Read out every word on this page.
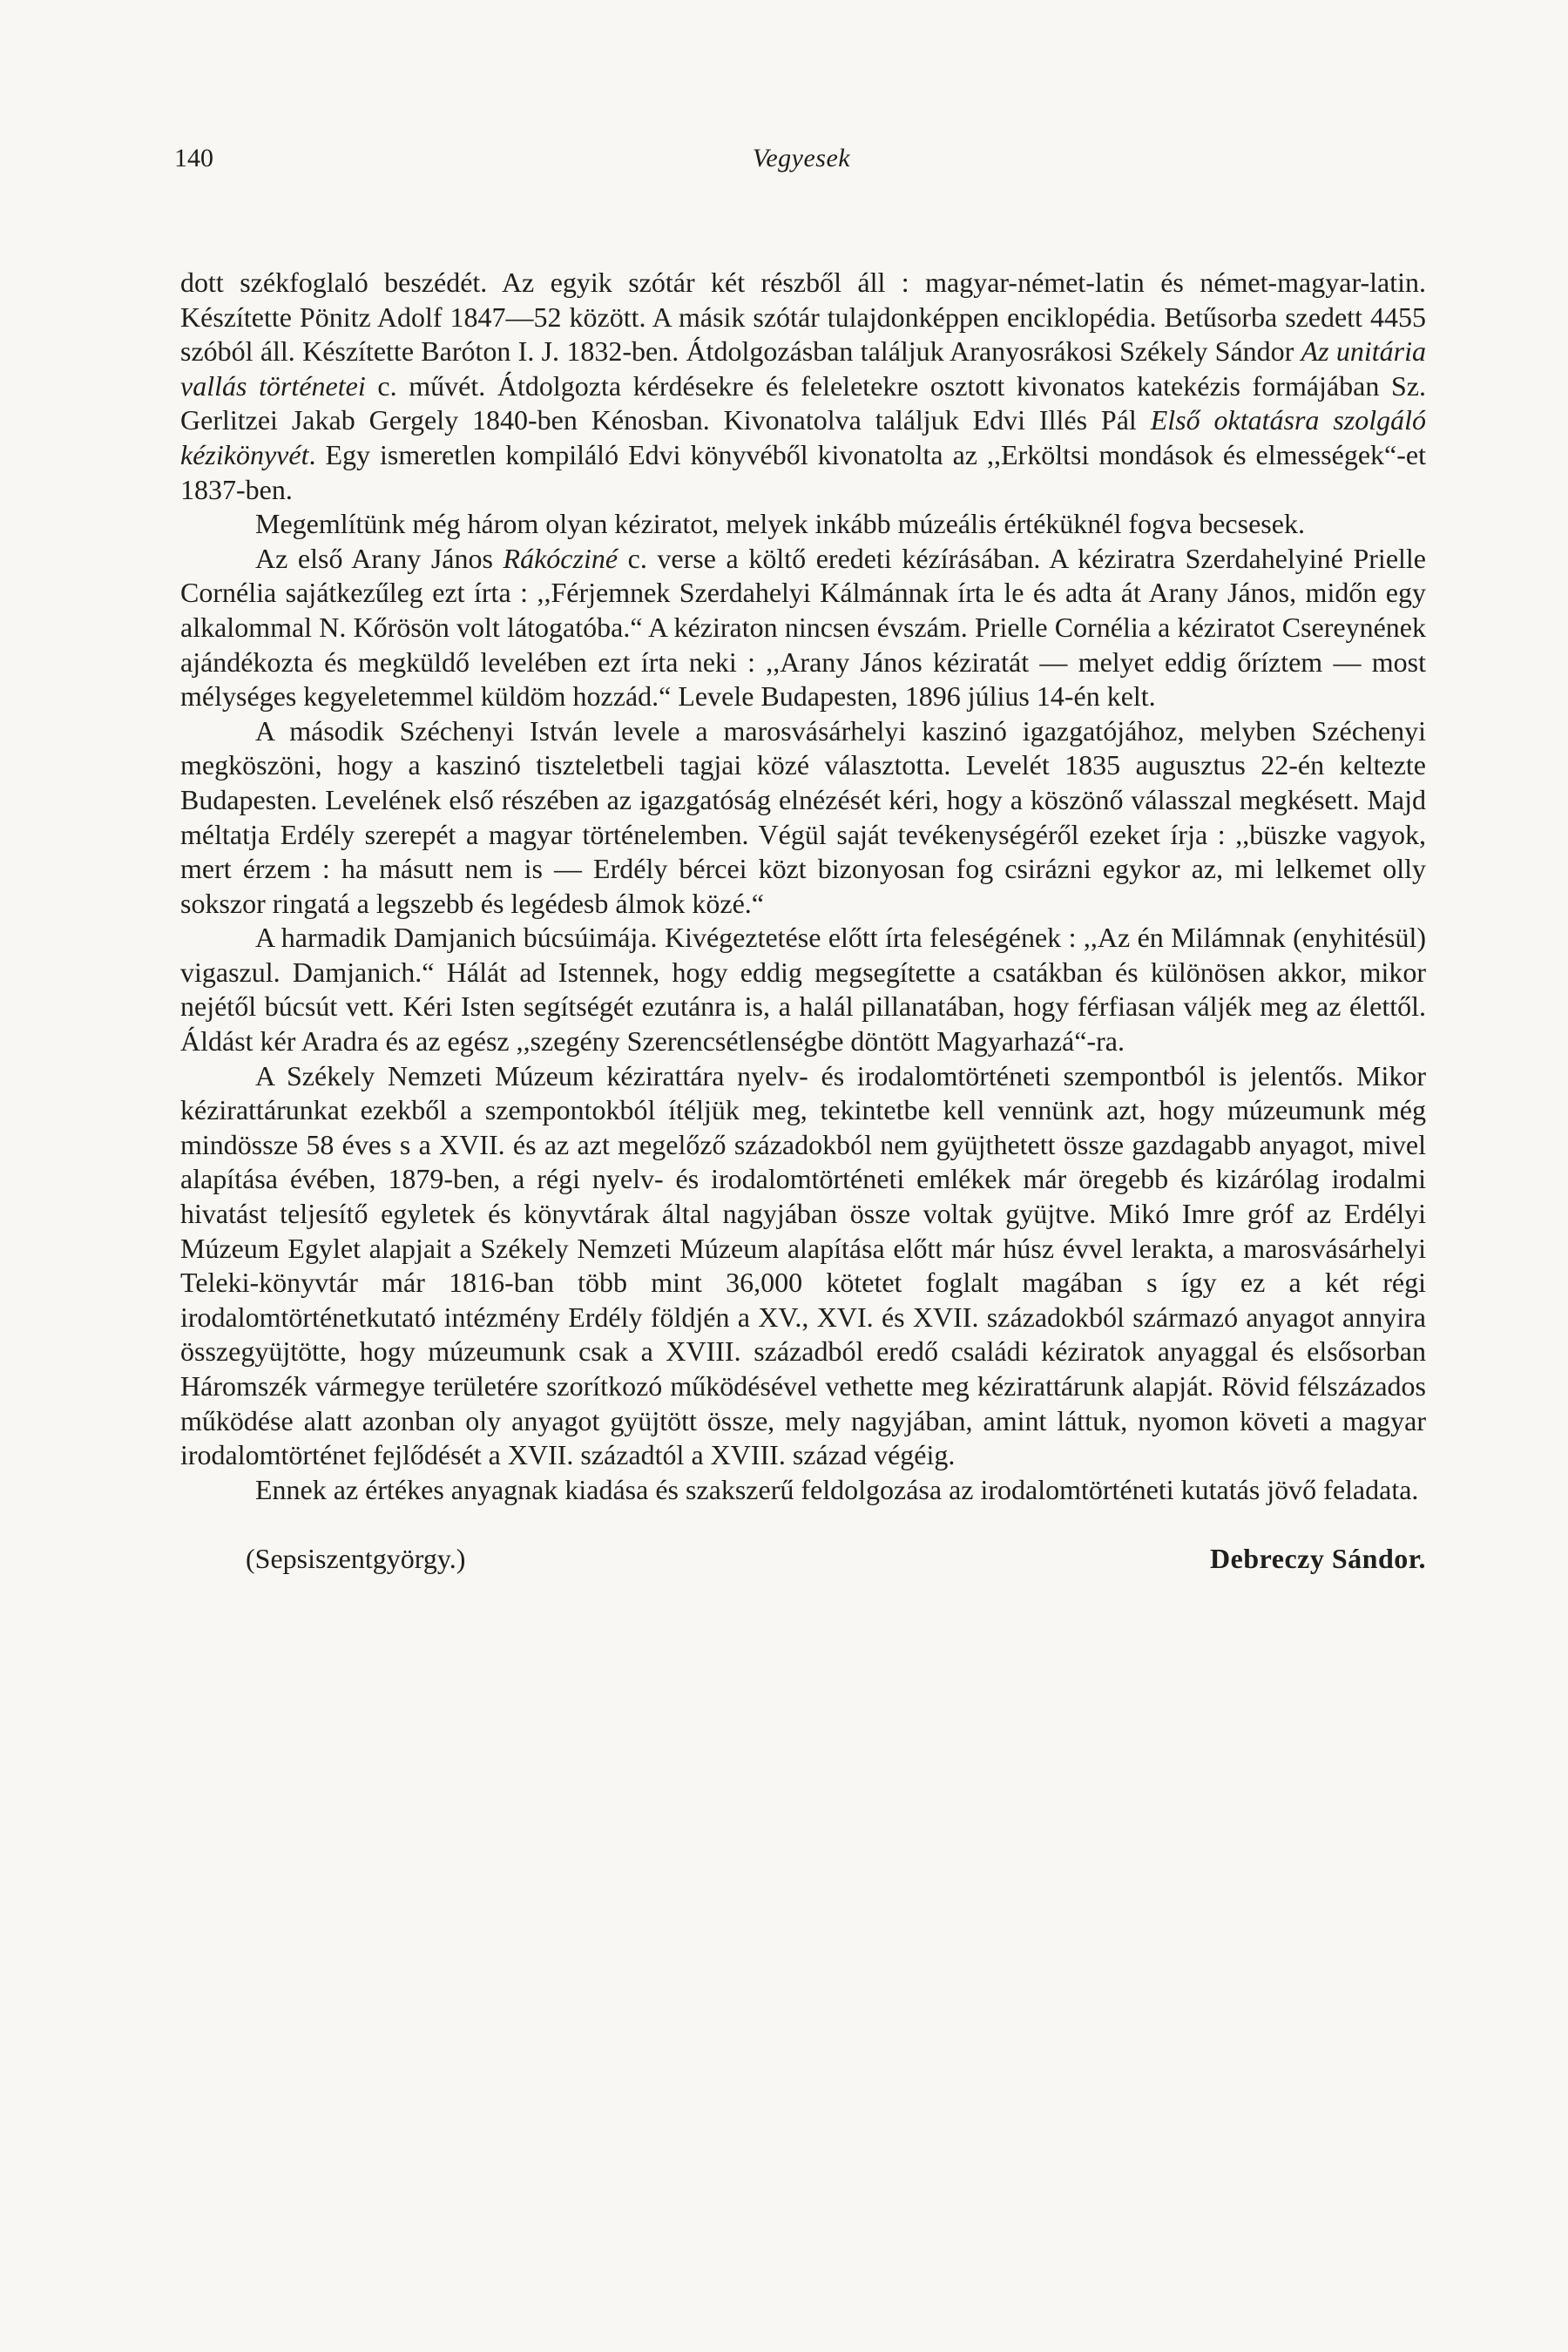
140	Vegyesek

dott székfoglaló beszédét. Az egyik szótár két részből áll : magyar-német-latin és német-magyar-latin. Készítette Pönitz Adolf 1847—52 között. A másik szótár tulajdonképpen enciklopédia. Betűsorba szedett 4455 szóból áll. Készítette Baróton I. J. 1832-ben. Átdolgozásban találjuk Aranyosrákosi Székely Sándor Az unitária vallás történetei c. művét. Átdolgozta kérdésekre és feleletekre osztott kivonatos katekézis formájában Sz. Gerlitzei Jakab Gergely 1840-ben Kénosban. Kivonatolva találjuk Edvi Illés Pál Első oktatásra szolgáló kézikönyvét. Egy ismeretlen kompiláló Edvi könyvéből kivonatolta az ,,Erköltsi mondások és elmességek“-et 1837-ben.

Megemlítünk még három olyan kéziratot, melyek inkább múzeális értéküknél fogva becsesek.

Az első Arany János Rákócziné c. verse a költő eredeti kézírásában. A kéziratra Szerdahelyiné Prielle Cornélia sajátkezűleg ezt írta : ,,Férjemnek Szerdahelyi Kálmánnak írta le és adta át Arany János, midőn egy alkalommal N. Kőrösön volt látogatóba.“ A kéziraton nincsen évszám. Prielle Cornélia a kéziratot Csereynének ajándékozta és megküldő levelében ezt írta neki : ,,Arany János kéziratát — melyet eddig őríztem — most mélységes kegyeletemmel küldöm hozzád.“ Levele Budapesten, 1896 július 14-én kelt.

A második Széchenyi István levele a marosvásárhelyi kaszinó igazgatójához, melyben Széchenyi megköszöni, hogy a kaszinó tiszteletbeli tagjai közé választotta. Levelét 1835 augusztus 22-én keltezte Budapesten. Levelének első részében az igazgatóság elnézését kéri, hogy a köszönő válasszal megkésett. Majd méltatja Erdély szerepét a magyar történelemben. Végül saját tevékenységéről ezeket írja : ,,büszke vagyok, mert érzem : ha másutt nem is — Erdély bércei közt bizonyosan fog csirázni egykor az, mi lelkemet olly sokszor ringatá a legszebb és legédesb álmok közé.“

A harmadik Damjanich búcsúimája. Kivégeztetése előtt írta feleségének : ,,Az én Milámnak (enyhitésül) vigaszul. Damjanich.“ Hálát ad Istennek, hogy eddig megsegítette a csatákban és különösen akkor, mikor nejétől búcsút vett. Kéri Isten segítségét ezutánra is, a halál pillanatában, hogy férfiasan váljék meg az élettől. Áldást kér Aradra és az egész ,,szegény Szerencsétlenségbe döntött Magyarhazá“-ra.

A Székely Nemzeti Múzeum kézirattára nyelv- és irodalomtörténeti szempontból is jelentős. Mikor kézirattárunkat ezekből a szempontokból ítéljük meg, tekintetbe kell vennünk azt, hogy múzeumunk még mindössze 58 éves s a XVII. és az azt megelőző századokból nem gyüjthetett össze gazdagabb anyagot, mivel alapítása évében, 1879-ben, a régi nyelv- és irodalomtörténeti emlékek már öregebb és kizárólag irodalmi hivatást teljesítő egyletek és könyvtárak által nagyjában össze voltak gyüjtve. Mikó Imre gróf az Erdélyi Múzeum Egylet alapjait a Székely Nemzeti Múzeum alapítása előtt már húsz évvel lerakta, a marosvásárhelyi Teleki-könyvtár már 1816-ban több mint 36,000 kötetet foglalt magában s így ez a két régi irodalomtörténetkutató intézmény Erdély földjén a XV., XVI. és XVII. századokból származó anyagot annyira összegyüjtötte, hogy múzeumunk csak a XVIII. századból eredő családi kéziratok anyaggal és elsősorban Háromszék vármegye területére szorítkozó működésével vethette meg kézirattárunk alapját. Rövid félszázados működése alatt azonban oly anyagot gyüjtött össze, mely nagyjában, amint láttuk, nyomon követi a magyar irodalomtörténet fejlődését a XVII. századtól a XVIII. század végéig.

Ennek az értékes anyagnak kiadása és szakszerű feldolgozása az irodalomtörténeti kutatás jövő feladata.

(Sepsiszentgyörgy.)	Debreczy Sándor.
